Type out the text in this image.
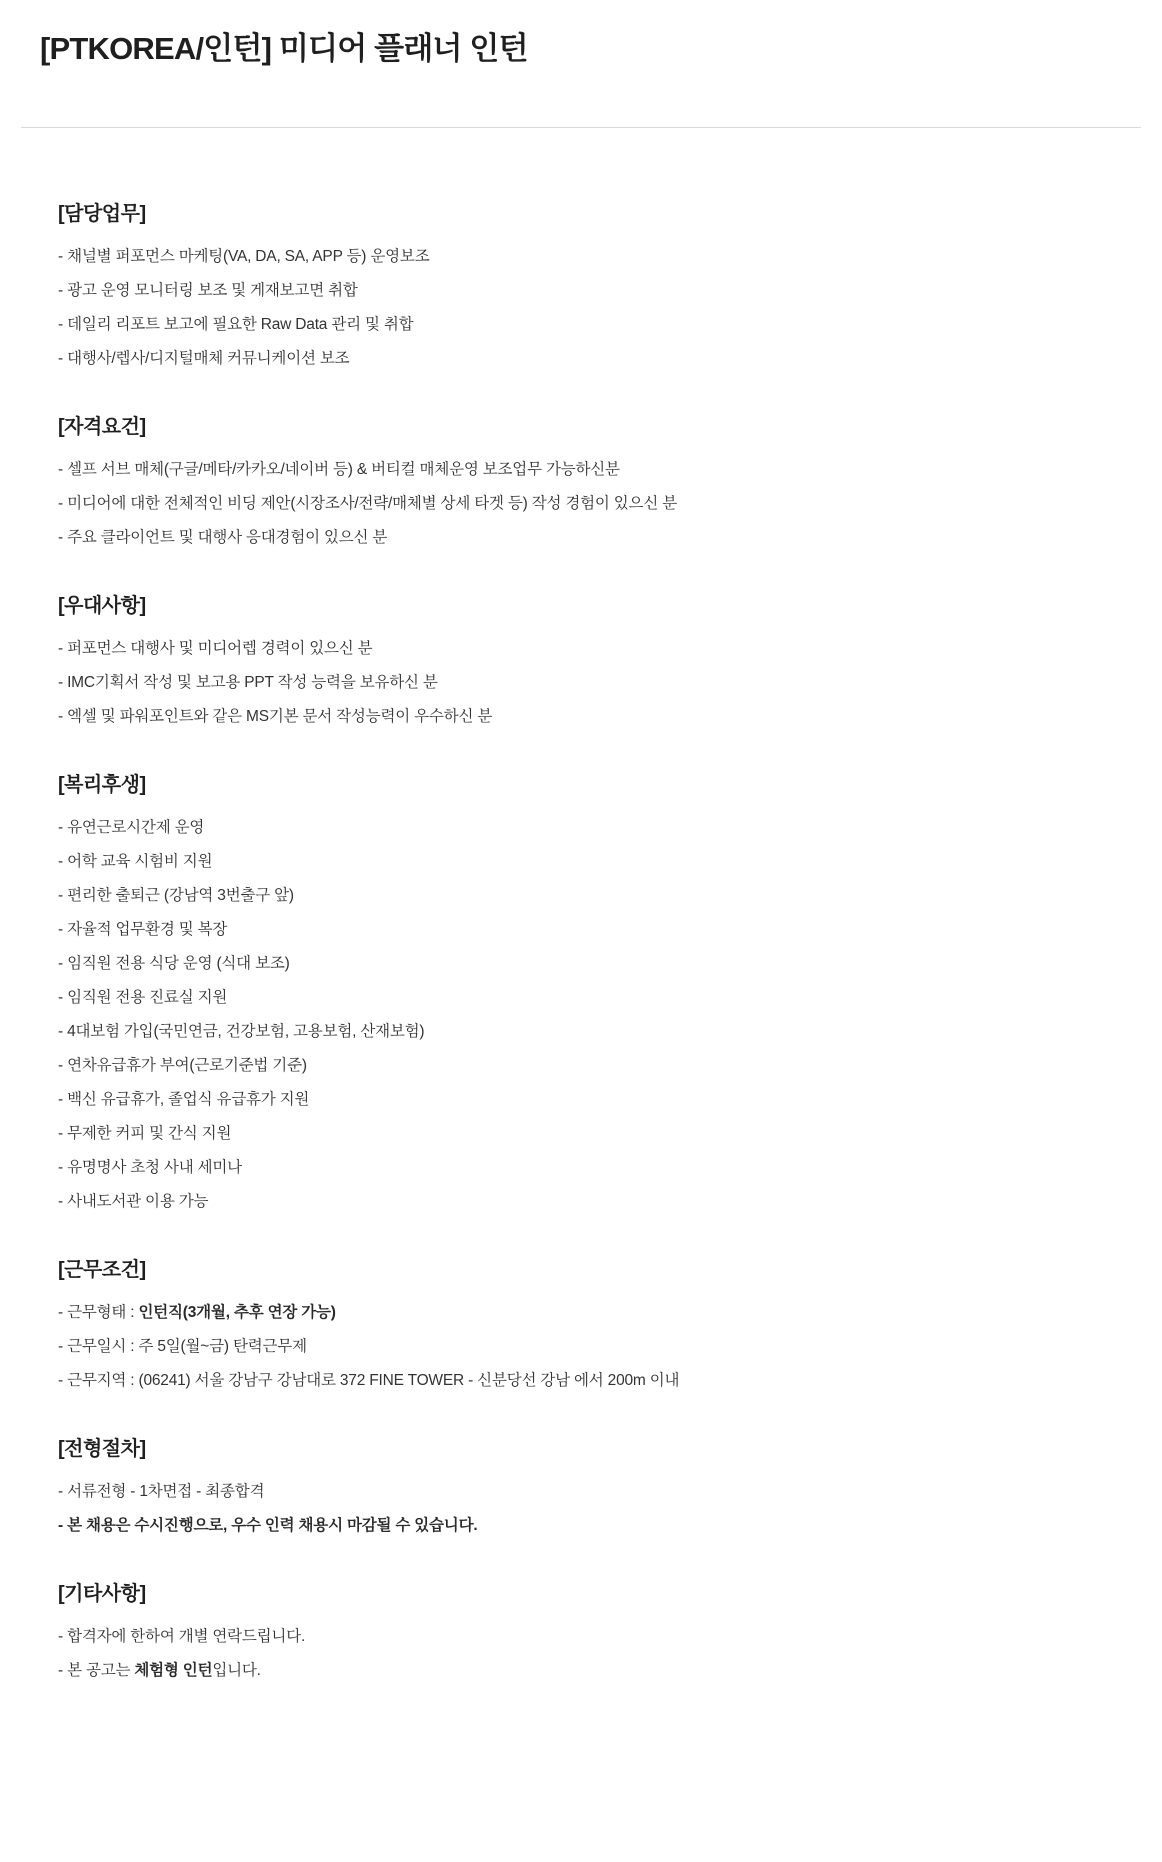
[PTKOREA/인턴] 미디어 플래너 인턴
[담당업무]
- 채널별 퍼포먼스 마케팅(VA, DA, SA, APP 등) 운영보조
- 광고 운영 모니터링 보조 및 게재보고면 취합
- 데일리 리포트 보고에 필요한 Raw Data 관리 및 취합
- 대행사/렙사/디지털매체 커뮤니케이션 보조
[자격요건]
- 셀프 서브 매체(구글/메타/카카오/네이버 등) & 버티컬 매체운영 보조업무 가능하신분
- 미디어에 대한 전체적인 비딩 제안(시장조사/전략/매체별 상세 타겟 등) 작성 경험이 있으신 분
- 주요 클라이언트 및 대행사 응대경험이 있으신 분
[우대사항]
- 퍼포먼스 대행사 및 미디어렙 경력이 있으신 분
- IMC기획서 작성 및 보고용 PPT 작성 능력을 보유하신 분
- 엑셀 및 파워포인트와 같은 MS기본 문서 작성능력이 우수하신 분
[복리후생]
- 유연근로시간제 운영
- 어학 교육 시험비 지원
- 편리한 출퇴근 (강남역 3번출구 앞)
- 자율적 업무환경 및 복장
- 임직원 전용 식당 운영 (식대 보조)
- 임직원 전용 진료실 지원
- 4대보험 가입(국민연금, 건강보험, 고용보험, 산재보험)
- 연차유급휴가 부여(근로기준법 기준)
- 백신 유급휴가, 졸업식 유급휴가 지원
- 무제한 커피 및 간식 지원
- 유명명사 초청 사내 세미나
- 사내도서관 이용 가능
[근무조건]
- 근무형태 : 인턴직(3개월, 추후 연장 가능)
- 근무일시 : 주 5일(월~금) 탄력근무제
- 근무지역 : (06241) 서울 강남구 강남대로 372 FINE TOWER - 신분당선 강남 에서 200m 이내
[전형절차]
- 서류전형 - 1차면접 - 최종합격
- 본 채용은 수시진행으로, 우수 인력 채용시 마감될 수 있습니다.
[기타사항]
- 합격자에 한하여 개별 연락드립니다.
- 본 공고는 체험형 인턴입니다.
